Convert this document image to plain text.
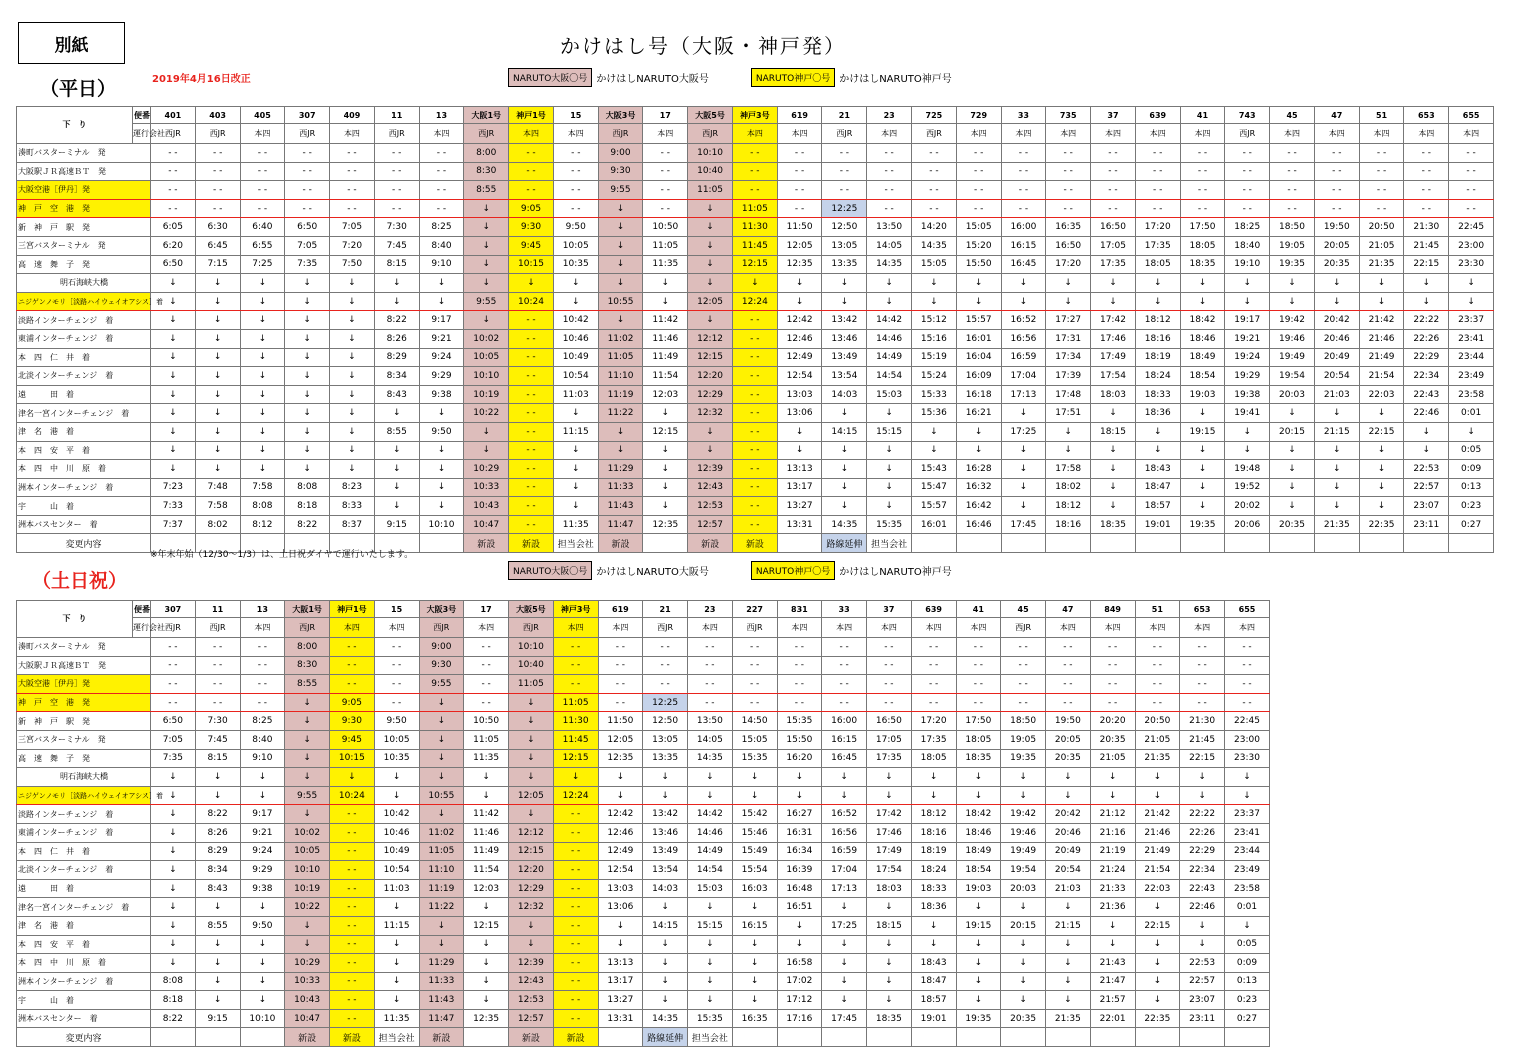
別紙	かけはし号（大阪・神戸発）
（平日）	2019年4月16日改正	NARUTO大阪〇号 かけはしNARUTO大阪号	NARUTO神戸〇号 かけはしNARUTO神戸号
下　り	便番	401	403	405	307	409	11	13	大阪1号	神戸1号	15	大阪3号	17	大阪5号	神戸3号	619	21	23	725	729	33	735	37	639	41	743	45	47	51	653	655
	運行会社	西JR	西JR	本四	西JR	本四	西JR	本四	西JR	本四	本四	西JR	本四	西JR	本四	本四	西JR	本四	西JR	本四	本四	本四	本四	本四	本四	西JR	本四	本四	本四	本四	本四
湊町バスターミナル　発		- -	- -	- -	- -	- -	- -	- -	8:00	- -	- -	9:00	- -	10:10	- -	- -	- -	- -	- -	- -	- -	- -	- -	- -	- -	- -	- -	- -	- -	- -	- -
大阪駅ＪＲ高速ＢＴ　発		- -	- -	- -	- -	- -	- -	- -	8:30	- -	- -	9:30	- -	10:40	- -	- -	- -	- -	- -	- -	- -	- -	- -	- -	- -	- -	- -	- -	- -	- -	- -
大阪空港［伊丹］発		- -	- -	- -	- -	- -	- -	- -	8:55	- -	- -	9:55	- -	11:05	- -	- -	- -	- -	- -	- -	- -	- -	- -	- -	- -	- -	- -	- -	- -	- -	- -
神　戸　空　港　発		- -	- -	- -	- -	- -	- -	- -	↓	9:05	- -	↓	- -	↓	11:05	- -	12:25	- -	- -	- -	- -	- -	- -	- -	- -	- -	- -	- -	- -	- -	- -
新　神　戸　駅　発		6:05	6:30	6:40	6:50	7:05	7:30	8:25	↓	9:30	9:50	↓	10:50	↓	11:30	11:50	12:50	13:50	14:20	15:05	16:00	16:35	16:50	17:20	17:50	18:25	18:50	19:50	20:50	21:30	22:45
三宮バスターミナル　発		6:20	6:45	6:55	7:05	7:20	7:45	8:40	↓	9:45	10:05	↓	11:05	↓	11:45	12:05	13:05	14:05	14:35	15:20	16:15	16:50	17:05	17:35	18:05	18:40	19:05	20:05	21:05	21:45	23:00
高　速　舞　子　発		6:50	7:15	7:25	7:35	7:50	8:15	9:10	↓	10:15	10:35	↓	11:35	↓	12:15	12:35	13:35	14:35	15:05	15:50	16:45	17:20	17:35	18:05	18:35	19:10	19:35	20:35	21:35	22:15	23:30
明石海峡大橋		↓	↓	↓	↓	↓	↓	↓	↓	↓	↓	↓	↓	↓	↓	↓	↓	↓	↓	↓	↓	↓	↓	↓	↓	↓	↓	↓	↓	↓	↓
ニジゲンノモリ［淡路ハイウェイオアシス］着		↓	↓	↓	↓	↓	↓	↓	9:55	10:24	↓	10:55	↓	12:05	12:24	↓	↓	↓	↓	↓	↓	↓	↓	↓	↓	↓	↓	↓	↓	↓	↓
淡路インターチェンジ　着		↓	↓	↓	↓	↓	8:22	9:17	↓	- -	10:42	↓	11:42	↓	- -	12:42	13:42	14:42	15:12	15:57	16:52	17:27	17:42	18:12	18:42	19:17	19:42	20:42	21:42	22:22	23:37
東浦インターチェンジ　着		↓	↓	↓	↓	↓	8:26	9:21	10:02	- -	10:46	11:02	11:46	12:12	- -	12:46	13:46	14:46	15:16	16:01	16:56	17:31	17:46	18:16	18:46	19:21	19:46	20:46	21:46	22:26	23:41
本　四　仁　井　着		↓	↓	↓	↓	↓	8:29	9:24	10:05	- -	10:49	11:05	11:49	12:15	- -	12:49	13:49	14:49	15:19	16:04	16:59	17:34	17:49	18:19	18:49	19:24	19:49	20:49	21:49	22:29	23:44
北淡インターチェンジ　着		↓	↓	↓	↓	↓	8:34	9:29	10:10	- -	10:54	11:10	11:54	12:20	- -	12:54	13:54	14:54	15:24	16:09	17:04	17:39	17:54	18:24	18:54	19:29	19:54	20:54	21:54	22:34	23:49
遠　　　田　着		↓	↓	↓	↓	↓	8:43	9:38	10:19	- -	11:03	11:19	12:03	12:29	- -	13:03	14:03	15:03	15:33	16:18	17:13	17:48	18:03	18:33	19:03	19:38	20:03	21:03	22:03	22:43	23:58
津名一宮インターチェンジ　着		↓	↓	↓	↓	↓	↓	↓	10:22	- -	↓	11:22	↓	12:32	- -	13:06	↓	↓	15:36	16:21	↓	17:51	↓	18:36	↓	19:41	↓	↓	↓	22:46	0:01
津　名　港　着		↓	↓	↓	↓	↓	8:55	9:50	↓	- -	11:15	↓	12:15	↓	- -	↓	14:15	15:15	↓	↓	17:25	↓	18:15	↓	19:15	↓	20:15	21:15	22:15	↓	↓
本　四　安　平　着		↓	↓	↓	↓	↓	↓	↓	↓	- -	↓	↓	↓	↓	- -	↓	↓	↓	↓	↓	↓	↓	↓	↓	↓	↓	↓	↓	↓	↓	0:05
本　四　中　川　原　着		↓	↓	↓	↓	↓	↓	↓	10:29	- -	↓	11:29	↓	12:39	- -	13:13	↓	↓	15:43	16:28	↓	17:58	↓	18:43	↓	19:48	↓	↓	↓	22:53	0:09
洲本インターチェンジ　着		7:23	7:48	7:58	8:08	8:23	↓	↓	10:33	- -	↓	11:33	↓	12:43	- -	13:17	↓	↓	15:47	16:32	↓	18:02	↓	18:47	↓	19:52	↓	↓	↓	22:57	0:13
宇　　　山　着		7:33	7:58	8:08	8:18	8:33	↓	↓	10:43	- -	↓	11:43	↓	12:53	- -	13:27	↓	↓	15:57	16:42	↓	18:12	↓	18:57	↓	20:02	↓	↓	↓	23:07	0:23
洲本バスセンター　着		7:37	8:02	8:12	8:22	8:37	9:15	10:10	10:47	- -	11:35	11:47	12:35	12:57	- -	13:31	14:35	15:35	16:01	16:46	17:45	18:16	18:35	19:01	19:35	20:06	20:35	21:35	22:35	23:11	0:27
変更内容									新設	新設	担当会社	新設		新設	新設		路線延伸	担当会社													
※年末年始（12/30〜1/3）は、土日祝ダイヤで運行いたします。
（土日祝）	NARUTO大阪〇号 かけはしNARUTO大阪号	NARUTO神戸〇号 かけはしNARUTO神戸号
下　り	便番	307	11	13	大阪1号	神戸1号	15	大阪3号	17	大阪5号	神戸3号	619	21	23	227	831	33	37	639	41	45	47	849	51	653	655
	運行会社	西JR	西JR	本四	西JR	本四	本四	西JR	本四	西JR	本四	本四	西JR	本四	西JR	本四	本四	本四	本四	本四	西JR	本四	本四	本四	本四	本四
湊町バスターミナル　発		- -	- -	- -	8:00	- -	- -	9:00	- -	10:10	- -	- -	- -	- -	- -	- -	- -	- -	- -	- -	- -	- -	- -	- -	- -	- -
大阪駅ＪＲ高速ＢＴ　発		- -	- -	- -	8:30	- -	- -	9:30	- -	10:40	- -	- -	- -	- -	- -	- -	- -	- -	- -	- -	- -	- -	- -	- -	- -	- -
大阪空港［伊丹］発		- -	- -	- -	8:55	- -	- -	9:55	- -	11:05	- -	- -	- -	- -	- -	- -	- -	- -	- -	- -	- -	- -	- -	- -	- -	- -
神　戸　空　港　発		- -	- -	- -	↓	9:05	- -	↓	- -	↓	11:05	- -	12:25	- -	- -	- -	- -	- -	- -	- -	- -	- -	- -	- -	- -	- -
新　神　戸　駅　発		6:50	7:30	8:25	↓	9:30	9:50	↓	10:50	↓	11:30	11:50	12:50	13:50	14:50	15:35	16:00	16:50	17:20	17:50	18:50	19:50	20:20	20:50	21:30	22:45
三宮バスターミナル　発		7:05	7:45	8:40	↓	9:45	10:05	↓	11:05	↓	11:45	12:05	13:05	14:05	15:05	15:50	16:15	17:05	17:35	18:05	19:05	20:05	20:35	21:05	21:45	23:00
高　速　舞　子　発		7:35	8:15	9:10	↓	10:15	10:35	↓	11:35	↓	12:15	12:35	13:35	14:35	15:35	16:20	16:45	17:35	18:05	18:35	19:35	20:35	21:05	21:35	22:15	23:30
明石海峡大橋		↓	↓	↓	↓	↓	↓	↓	↓	↓	↓	↓	↓	↓	↓	↓	↓	↓	↓	↓	↓	↓	↓	↓	↓	↓
ニジゲンノモリ［淡路ハイウェイオアシス］着		↓	↓	↓	9:55	10:24	↓	10:55	↓	12:05	12:24	↓	↓	↓	↓	↓	↓	↓	↓	↓	↓	↓	↓	↓	↓	↓
淡路インターチェンジ　着		↓	8:22	9:17	↓	- -	10:42	↓	11:42	↓	- -	12:42	13:42	14:42	15:42	16:27	16:52	17:42	18:12	18:42	19:42	20:42	21:12	21:42	22:22	23:37
東浦インターチェンジ　着		↓	8:26	9:21	10:02	- -	10:46	11:02	11:46	12:12	- -	12:46	13:46	14:46	15:46	16:31	16:56	17:46	18:16	18:46	19:46	20:46	21:16	21:46	22:26	23:41
本　四　仁　井　着		↓	8:29	9:24	10:05	- -	10:49	11:05	11:49	12:15	- -	12:49	13:49	14:49	15:49	16:34	16:59	17:49	18:19	18:49	19:49	20:49	21:19	21:49	22:29	23:44
北淡インターチェンジ　着		↓	8:34	9:29	10:10	- -	10:54	11:10	11:54	12:20	- -	12:54	13:54	14:54	15:54	16:39	17:04	17:54	18:24	18:54	19:54	20:54	21:24	21:54	22:34	23:49
遠　　　田　着		↓	8:43	9:38	10:19	- -	11:03	11:19	12:03	12:29	- -	13:03	14:03	15:03	16:03	16:48	17:13	18:03	18:33	19:03	20:03	21:03	21:33	22:03	22:43	23:58
津名一宮インターチェンジ　着		↓	↓	↓	10:22	- -	↓	11:22	↓	12:32	- -	13:06	↓	↓	↓	16:51	↓	↓	18:36	↓	↓	↓	21:36	↓	22:46	0:01
津　名　港　着		↓	8:55	9:50	↓	- -	11:15	↓	12:15	↓	- -	↓	14:15	15:15	16:15	↓	17:25	18:15	↓	19:15	20:15	21:15	↓	22:15	↓	↓
本　四　安　平　着		↓	↓	↓	↓	- -	↓	↓	↓	↓	- -	↓	↓	↓	↓	↓	↓	↓	↓	↓	↓	↓	↓	↓	↓	0:05
本　四　中　川　原　着		↓	↓	↓	10:29	- -	↓	11:29	↓	12:39	- -	13:13	↓	↓	↓	16:58	↓	↓	18:43	↓	↓	↓	21:43	↓	22:53	0:09
洲本インターチェンジ　着		8:08	↓	↓	10:33	- -	↓	11:33	↓	12:43	- -	13:17	↓	↓	↓	17:02	↓	↓	18:47	↓	↓	↓	21:47	↓	22:57	0:13
宇　　　山　着		8:18	↓	↓	10:43	- -	↓	11:43	↓	12:53	- -	13:27	↓	↓	↓	17:12	↓	↓	18:57	↓	↓	↓	21:57	↓	23:07	0:23
洲本バスセンター　着		8:22	9:15	10:10	10:47	- -	11:35	11:47	12:35	12:57	- -	13:31	14:35	15:35	16:35	17:16	17:45	18:35	19:01	19:35	20:35	21:35	22:01	22:35	23:11	0:27
変更内容					新設	新設	担当会社	新設		新設	新設		路線延伸	担当会社												
